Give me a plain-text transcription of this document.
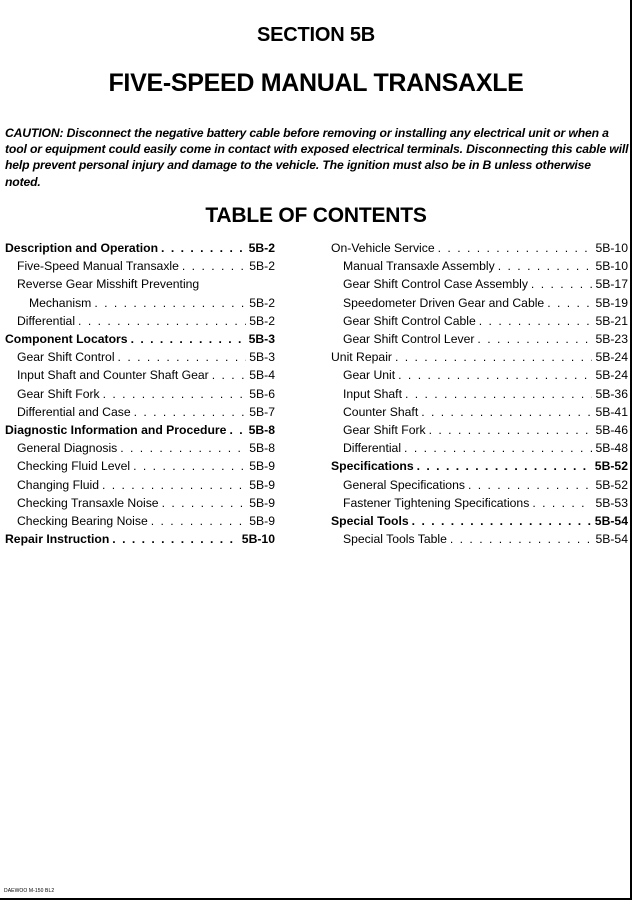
SECTION 5B
FIVE-SPEED MANUAL TRANSAXLE
CAUTION: Disconnect the negative battery cable before removing or installing any electrical unit or when a tool or equipment could easily come in contact with exposed electrical terminals. Disconnecting this cable will help prevent personal injury and damage to the vehicle. The ignition must also be in B unless otherwise noted.
TABLE OF CONTENTS
Description and Operation . . .	5B-2
Five-Speed Manual Transaxle . . .	5B-2
Reverse Gear Misshift Preventing
Mechanism . . .	5B-2
Differential . . .	5B-2
Component Locators . . .	5B-3
Gear Shift Control . . .	5B-3
Input Shaft and Counter Shaft Gear . . .	5B-4
Gear Shift Fork . . .	5B-6
Differential and Case . . .	5B-7
Diagnostic Information and Procedure . . . 5B-8
General Diagnosis . . .	5B-8
Checking Fluid Level . . .	5B-9
Changing Fluid . . .	5B-9
Checking Transaxle Noise . . .	5B-9
Checking Bearing Noise . . .	5B-9
Repair Instruction . . .	5B-10
On-Vehicle Service . . .	5B-10
Manual Transaxle Assembly . . .	5B-10
Gear Shift Control Case Assembly . . .	5B-17
Speedometer Driven Gear and Cable . . .	5B-19
Gear Shift Control Cable . . .	5B-21
Gear Shift Control Lever . . .	5B-23
Unit Repair . . .	5B-24
Gear Unit . . .	5B-24
Input Shaft . . .	5B-36
Counter Shaft . . .	5B-41
Gear Shift Fork . . .	5B-46
Differential . . .	5B-48
Specifications . . .	5B-52
General Specifications . . .	5B-52
Fastener Tightening Specifications . . .	5B-53
Special Tools . . .	5B-54
Special Tools Table . . .	5B-54
DAEWOO M-150 BL2
